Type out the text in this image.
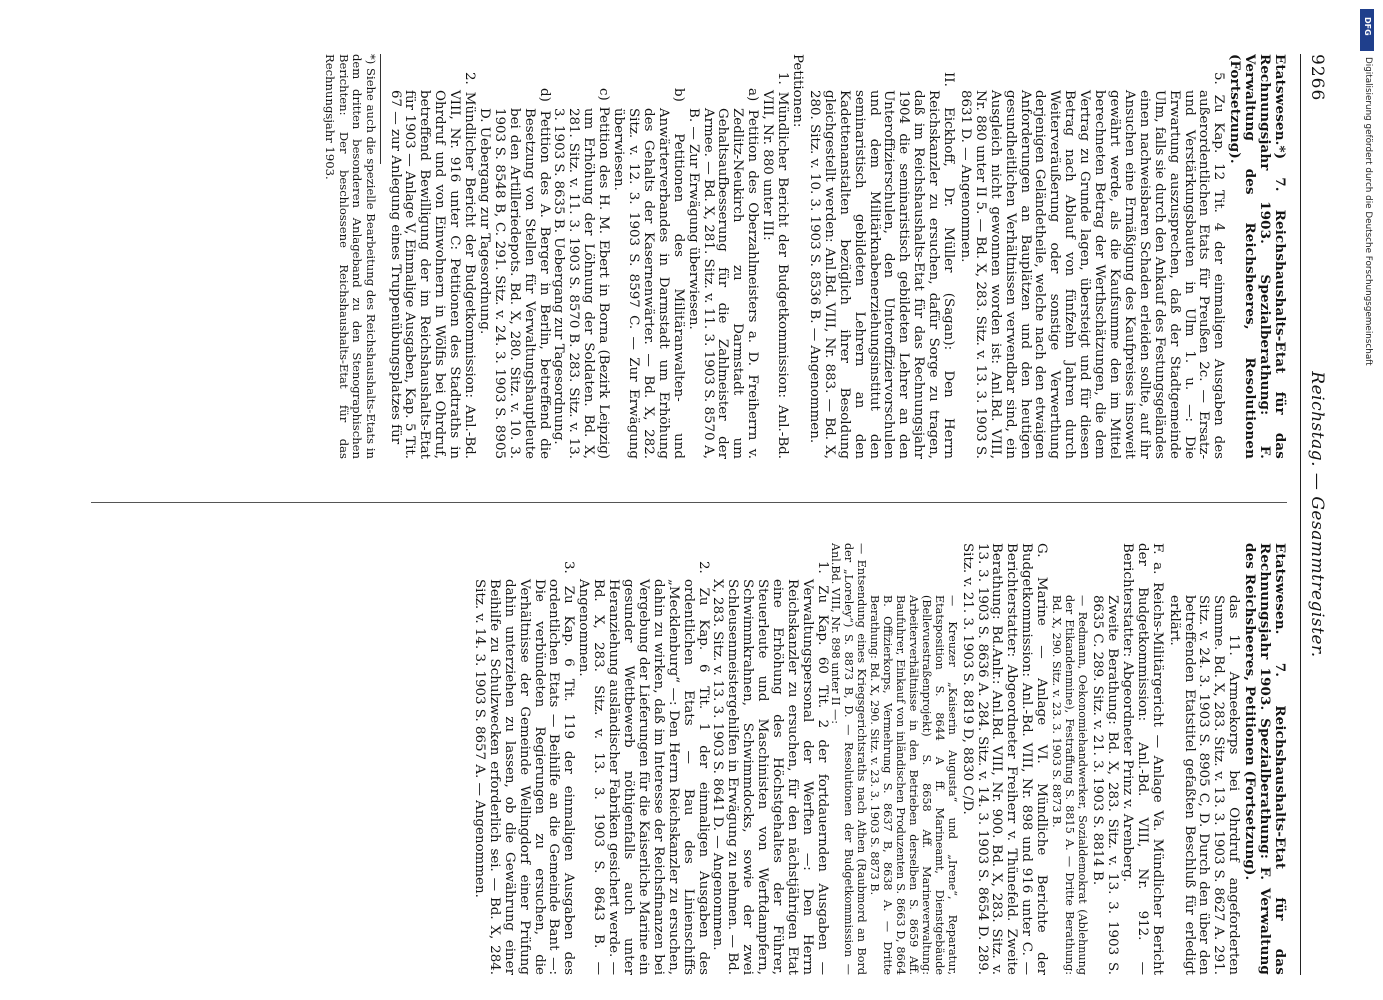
9266
Reichstag. — Gesammtregister.

Etatswesen.*) 7. Reichshaushalts-Etat für das Rechnungsjahr 1903. Spezialberathung: F. Verwaltung des Reichsheeres, Resolutionen (Fortsetzung).

5. Zu Kap. 12 Tit. 4 der einmaligen Ausgaben des außerordentlichen Etats für Preußen 2c. — Ersatz- und Verstärkungsbauten in Ulm 1. u. —: Die Erwartung auszusprechen, daß der Stadtgemeinde Ulm, falls sie durch den Ankauf des Festungsgeländes einen nachweisbaren Schaden erleiden sollte, auf ihr Ansuchen eine Ermäßigung des Kaufpreises insoweit gewährt werde, als die Kaufsumme den im Mittel berechneten Betrag der Werthschätzungen, die dem Vertrag zu Grunde lagen, übersteigt und für diesen Betrag nach Ablauf von fünfzehn Jahren durch Weiterveräußerung oder sonstige Verwerthung derjenigen Geländetheile, welche nach den etwaigen Anforderungen an Bauplätzen und den heutigen gesundheitlichen Verhältnissen verwendbar sind, ein Ausgleich nicht gewonnen worden ist: Anl.Bd. VIII, Nr. 880 unter II 5. — Bd. X, 283. Sitz. v. 13. 3. 1903 S. 8631 D. — Angenommen.

II. Eickhoff, Dr. Müller (Sagan): Den Herrn Reichskanzler zu ersuchen, dafür Sorge zu tragen, daß im Reichshaushalts-Etat für das Rechnungsjahr 1904 die seminaristisch gebildeten Lehrer an den Unteroffizierschulen, den Unteroffiziervorschulen und dem Militärknabenerziehungsinstitut den seminaristisch gebildeten Lehrern an den Kadettenanstalten bezüglich ihrer Besoldung gleichgestellt werden: Anl.Bd. VIII, Nr. 883. — Bd. X, 280. Sitz. v. 10. 3. 1903 S. 8536 B. — Angenommen.

Petitionen:

1. Mündlicher Bericht der Budgetkommission: Anl.-Bd. VIII, Nr. 880 unter III:

a) Petition des Oberzahlmeisters a. D. Freiherrn v. Zedlitz-Neukirch zu Darmstadt um Gehaltsaufbesserung für die Zahlmeister der Armee. — Bd. X, 281. Sitz. v. 11. 3. 1903 S. 8570 A, B. — Zur Erwägung überwiesen.

b) Petitionen des Militäranwalten- und Anwärterverbandes in Darmstadt um Erhöhung des Gehalts der Kasernenwärter. — Bd. X, 282. Sitz. v. 12. 3. 1903 S. 8597 C. — Zur Erwägung überwiesen.

c) Petition des H. M. Ebert in Borna (Bezirk Leipzig) um Erhöhung der Löhnung der Soldaten. Bd. X, 281. Sitz. v. 11. 3. 1903 S. 8570 B. 283. Sitz. v. 13. 3. 1903 S. 8635 B. Uebergang zur Tagesordnung.

d) Petition des A. Berger in Berlin, betreffend die Besetzung von Stellen für Verwaltungshauptleute bei den Artilleriedepots. Bd. X, 280. Sitz. v. 10. 3. 1903 S. 8548 B, C. 291. Sitz. v. 24. 3. 1903 S. 8905 D. Uebergang zur Tagesordnung.

2. Mündlicher Bericht der Budgetkommission: Anl.-Bd. VIII, Nr. 916 unter C: Petitionen des Stadtraths in Ohrdruf und von Einwohnern in Wölfis bei Ohrdruf, betreffend Bewilligung der im Reichshaushalts-Etat für 1903 — Anlage V, Einmalige Ausgaben, Kap. 5 Tit. 67 — zur Anlegung eines Truppenübungsplatzes für

*) Siehe auch die spezielle Bearbeitung des Reichshaushalts-Etats in dem dritten besonderen Anlageband zu den Stenographischen Berichten: Der beschlossene Reichshaushalts-Etat für das Rechnungsjahr 1903.

Etatswesen. 7. Reichshaushalts-Etat für das Rechnungsjahr 1903. Spezialberathung: F. Verwaltung des Reichsheeres, Petitionen (Fortsetzung).

das 11. Armeekorps bei Ohrdruf angeforderten Summe. Bd. X, 283. Sitz. v. 13. 3. 1903 S. 8627 A. 291. Sitz. v. 24. 3. 1903 S. 8905 C, D. Durch den über den betreffenden Etatstitel gefaßten Beschluß für erledigt erklärt.

F. a. Reichs-Militärgericht — Anlage Va. Mündlicher Bericht der Budgetkommission: Anl.-Bd. VIII, Nr. 912. — Berichterstatter: Abgeordneter Prinz v. Arenberg.

Zweite Berathung: Bd. X, 283. Sitz. v. 13. 3. 1903 S. 8635 C. 289. Sitz. v. 21. 3. 1903 S. 8814 B.

— Redmann, Oekonomiehandwerker, Sozialdemokrat (Ablehnung der Etikandenmine), Festraffung S. 8815 A. — Dritte Berathung: Bd. X, 290. Sitz. v. 23. 3. 1903 S. 8873 B.

G. Marine — Anlage VI. Mündliche Berichte der Budgetkommission: Anl.-Bd. VIII, Nr. 898 und 916 unter C. — Berichterstatter: Abgeordneter Freiherr v. Thünefeld. Zweite Berathung: Bd.Anlr.: Anl.Bd. VIII, Nr. 900. Bd. X, 283. Sitz. v. 13. 3. 1903 S. 8636 A. 284. Sitz. v. 14. 3. 1903 S. 8654 D. 289. Sitz. v. 21. 3. 1903 S. 8819 D, 8830 C/D.

— Kreuzer „Kaiserin Augusta“ und „Irene“, Reparatur, Etatsposition S. 8644 A ff. Marineamt, Dienstgebäude (Bellevuestraßenprojekt) S. 8658 Aff. Marineverwaltung: Arbeiterverhältnisse in den Betrieben derselben S. 8659 Aff. Baufuhrer, Einkauf von inländischen Produzenten S. 8663 D, 8664 B. Offizierkorps, Vermehrung S. 8637 B, 8638 A. — Dritte Berathung: Bd. X, 290. Sitz. v. 23. 3. 1903 S. 8873 B.

— Entsendung eines Kriegsgerichtsraths nach Athen (Raubmord an Bord der „Loreley“) S. 8873 B, D. — Resolutionen der Budgetkommission — Anl.Bd. VIII, Nr. 898 unter II —:

1. Zu Kap. 60 Tit. 2 der fortdauernden Ausgaben — Verwaltungspersonal der Werften —: Den Herrn Reichskanzler zu ersuchen, für den nächstjährigen Etat eine Erhöhung des Höchstgehaltes der Führer, Steuerleute und Maschinisten von Werftdampfern, Schwimmkrahnen, Schwimmdocks, sowie der zwei Schleusenmeistergehilfen in Erwägung zu nehmen. — Bd. X, 283. Sitz. v. 13. 3. 1903 S. 8641 D. — Angenommen.

2. Zu Kap. 6 Tit. 1 der einmaligen Ausgaben des ordentlichen Etats — Bau des Linienschiffs „Mecklenburg“ —: Den Herrn Reichskanzler zu ersuchen, dahin zu wirken, daß im Interesse der Reichsfinanzen bei Vergebung der Lieferungen für die Kaiserliche Marine ein gesunder Wettbewerb nöthigenfalls auch unter Heranziehung ausländischer Fabriken gesichert werde. — Bd. X, 283. Sitz. v. 13. 3. 1903 S. 8643 B. — Angenommen.

3. Zu Kap. 6 Tit. 119 der einmaligen Ausgaben des ordentlichen Etats — Beihilfe an die Gemeinde Bant —: Die verbündeten Regierungen zu ersuchen, die Verhältnisse der Gemeinde Wellingdorf einer Prüfung dahin unterziehen zu lassen, ob die Gewährung einer Beihilfe zu Schulzwecken erforderlich sei. — Bd. X, 284. Sitz. v. 14. 3. 1903 S. 8657 A. — Angenommen.

DFG
Digitalisierung gefördert durch die Deutsche Forschungsgemeinschaft
